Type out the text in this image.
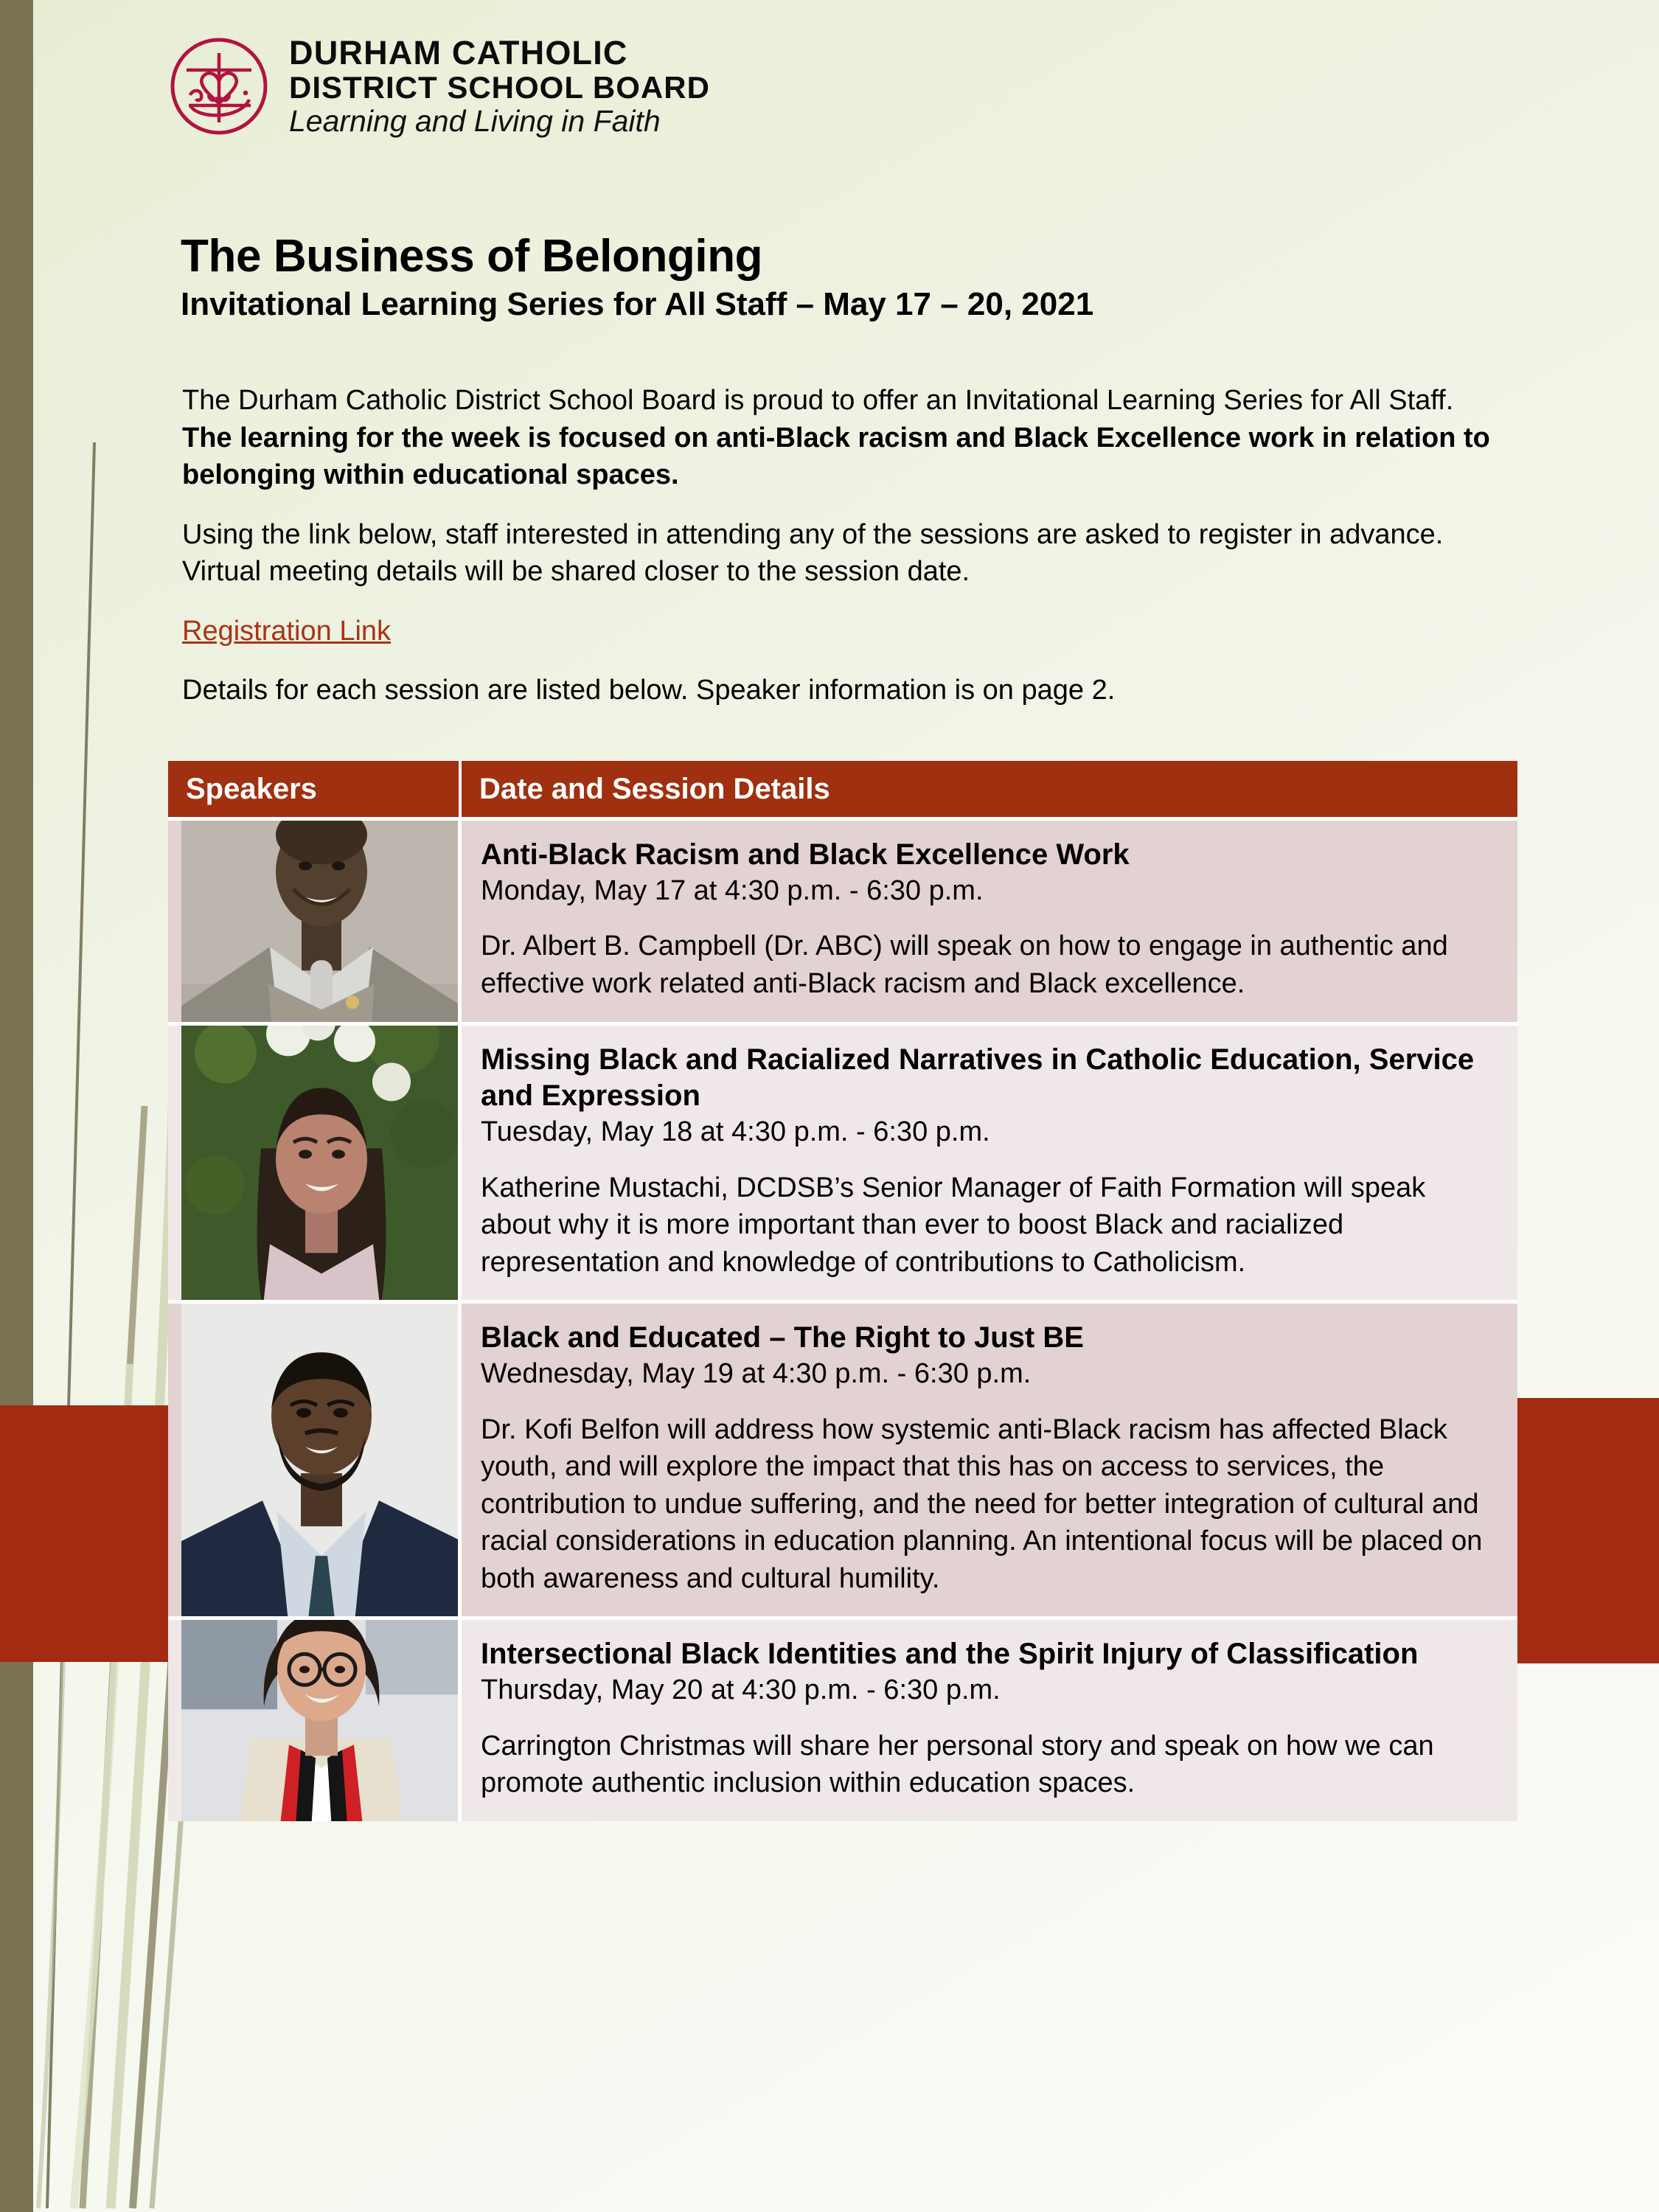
DURHAM CATHOLIC
DISTRICT SCHOOL BOARD
Learning and Living in Faith
The Business of Belonging
Invitational Learning Series for All Staff – May 17 – 20, 2021

The Durham Catholic District School Board is proud to offer an Invitational Learning Series for All Staff. The learning for the week is focused on anti-Black racism and Black Excellence work in relation to belonging within educational spaces.

Using the link below, staff interested in attending any of the sessions are asked to register in advance. Virtual meeting details will be shared closer to the session date.

Registration Link

Details for each session are listed below. Speaker information is on page 2.

Speakers	Date and Session Details

Anti-Black Racism and Black Excellence Work

Monday, May 17 at 4:30 p.m. - 6:30 p.m.

Dr. Albert B. Campbell (Dr. ABC) will speak on how to engage in authentic and effective work related anti-Black racism and Black excellence.

Missing Black and Racialized Narratives in Catholic Education, Service and Expression

Tuesday, May 18 at 4:30 p.m. - 6:30 p.m.

Katherine Mustachi, DCDSB’s Senior Manager of Faith Formation will speak about why it is more important than ever to boost Black and racialized representation and knowledge of contributions to Catholicism.

Black and Educated – The Right to Just BE

Wednesday, May 19 at 4:30 p.m. - 6:30 p.m.

Dr. Kofi Belfon will address how systemic anti-Black racism has affected Black youth, and will explore the impact that this has on access to services, the contribution to undue suffering, and the need for better integration of cultural and racial considerations in education planning. An intentional focus will be placed on both awareness and cultural humility.

Intersectional Black Identities and the Spirit Injury of Classification

Thursday, May 20 at 4:30 p.m. - 6:30 p.m.

Carrington Christmas will share her personal story and speak on how we can promote authentic inclusion within education spaces.
